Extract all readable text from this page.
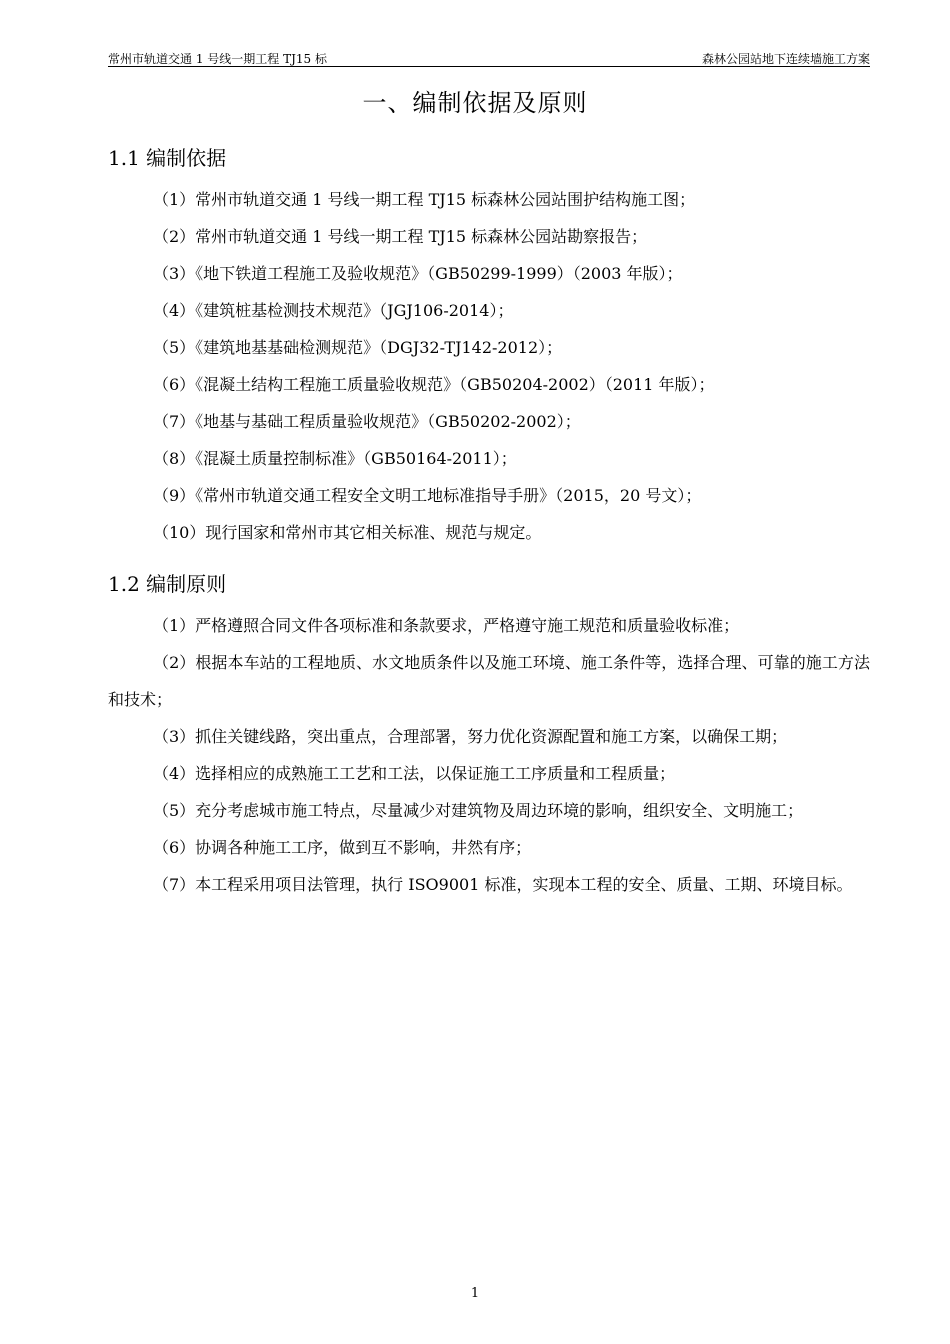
常州市轨道交通 1 号线一期工程 TJ15 标	森林公园站地下连续墙施工方案
一、编制依据及原则
1.1 编制依据
（1）常州市轨道交通 1 号线一期工程 TJ15 标森林公园站围护结构施工图；
（2）常州市轨道交通 1 号线一期工程 TJ15 标森林公园站勘察报告；
（3）《地下铁道工程施工及验收规范》（GB50299-1999）（2003 年版）；
（4）《建筑桩基检测技术规范》（JGJ106-2014）；
（5）《建筑地基基础检测规范》（DGJ32-TJ142-2012）；
（6）《混凝土结构工程施工质量验收规范》（GB50204-2002）（2011 年版）；
（7）《地基与基础工程质量验收规范》（GB50202-2002）；
（8）《混凝土质量控制标准》（GB50164-2011）；
（9）《常州市轨道交通工程安全文明工地标准指导手册》（2015，20 号文）；
（10）现行国家和常州市其它相关标准、规范与规定。
1.2 编制原则
（1）严格遵照合同文件各项标准和条款要求，严格遵守施工规范和质量验收标准；
（2）根据本车站的工程地质、水文地质条件以及施工环境、施工条件等，选择合理、可靠的施工方法和技术；
（3）抓住关键线路，突出重点，合理部署，努力优化资源配置和施工方案，以确保工期；
（4）选择相应的成熟施工工艺和工法，以保证施工工序质量和工程质量；
（5）充分考虑城市施工特点，尽量减少对建筑物及周边环境的影响，组织安全、文明施工；
（6）协调各种施工工序，做到互不影响，井然有序；
（7）本工程采用项目法管理，执行 ISO9001 标准，实现本工程的安全、质量、工期、环境目标。
1
